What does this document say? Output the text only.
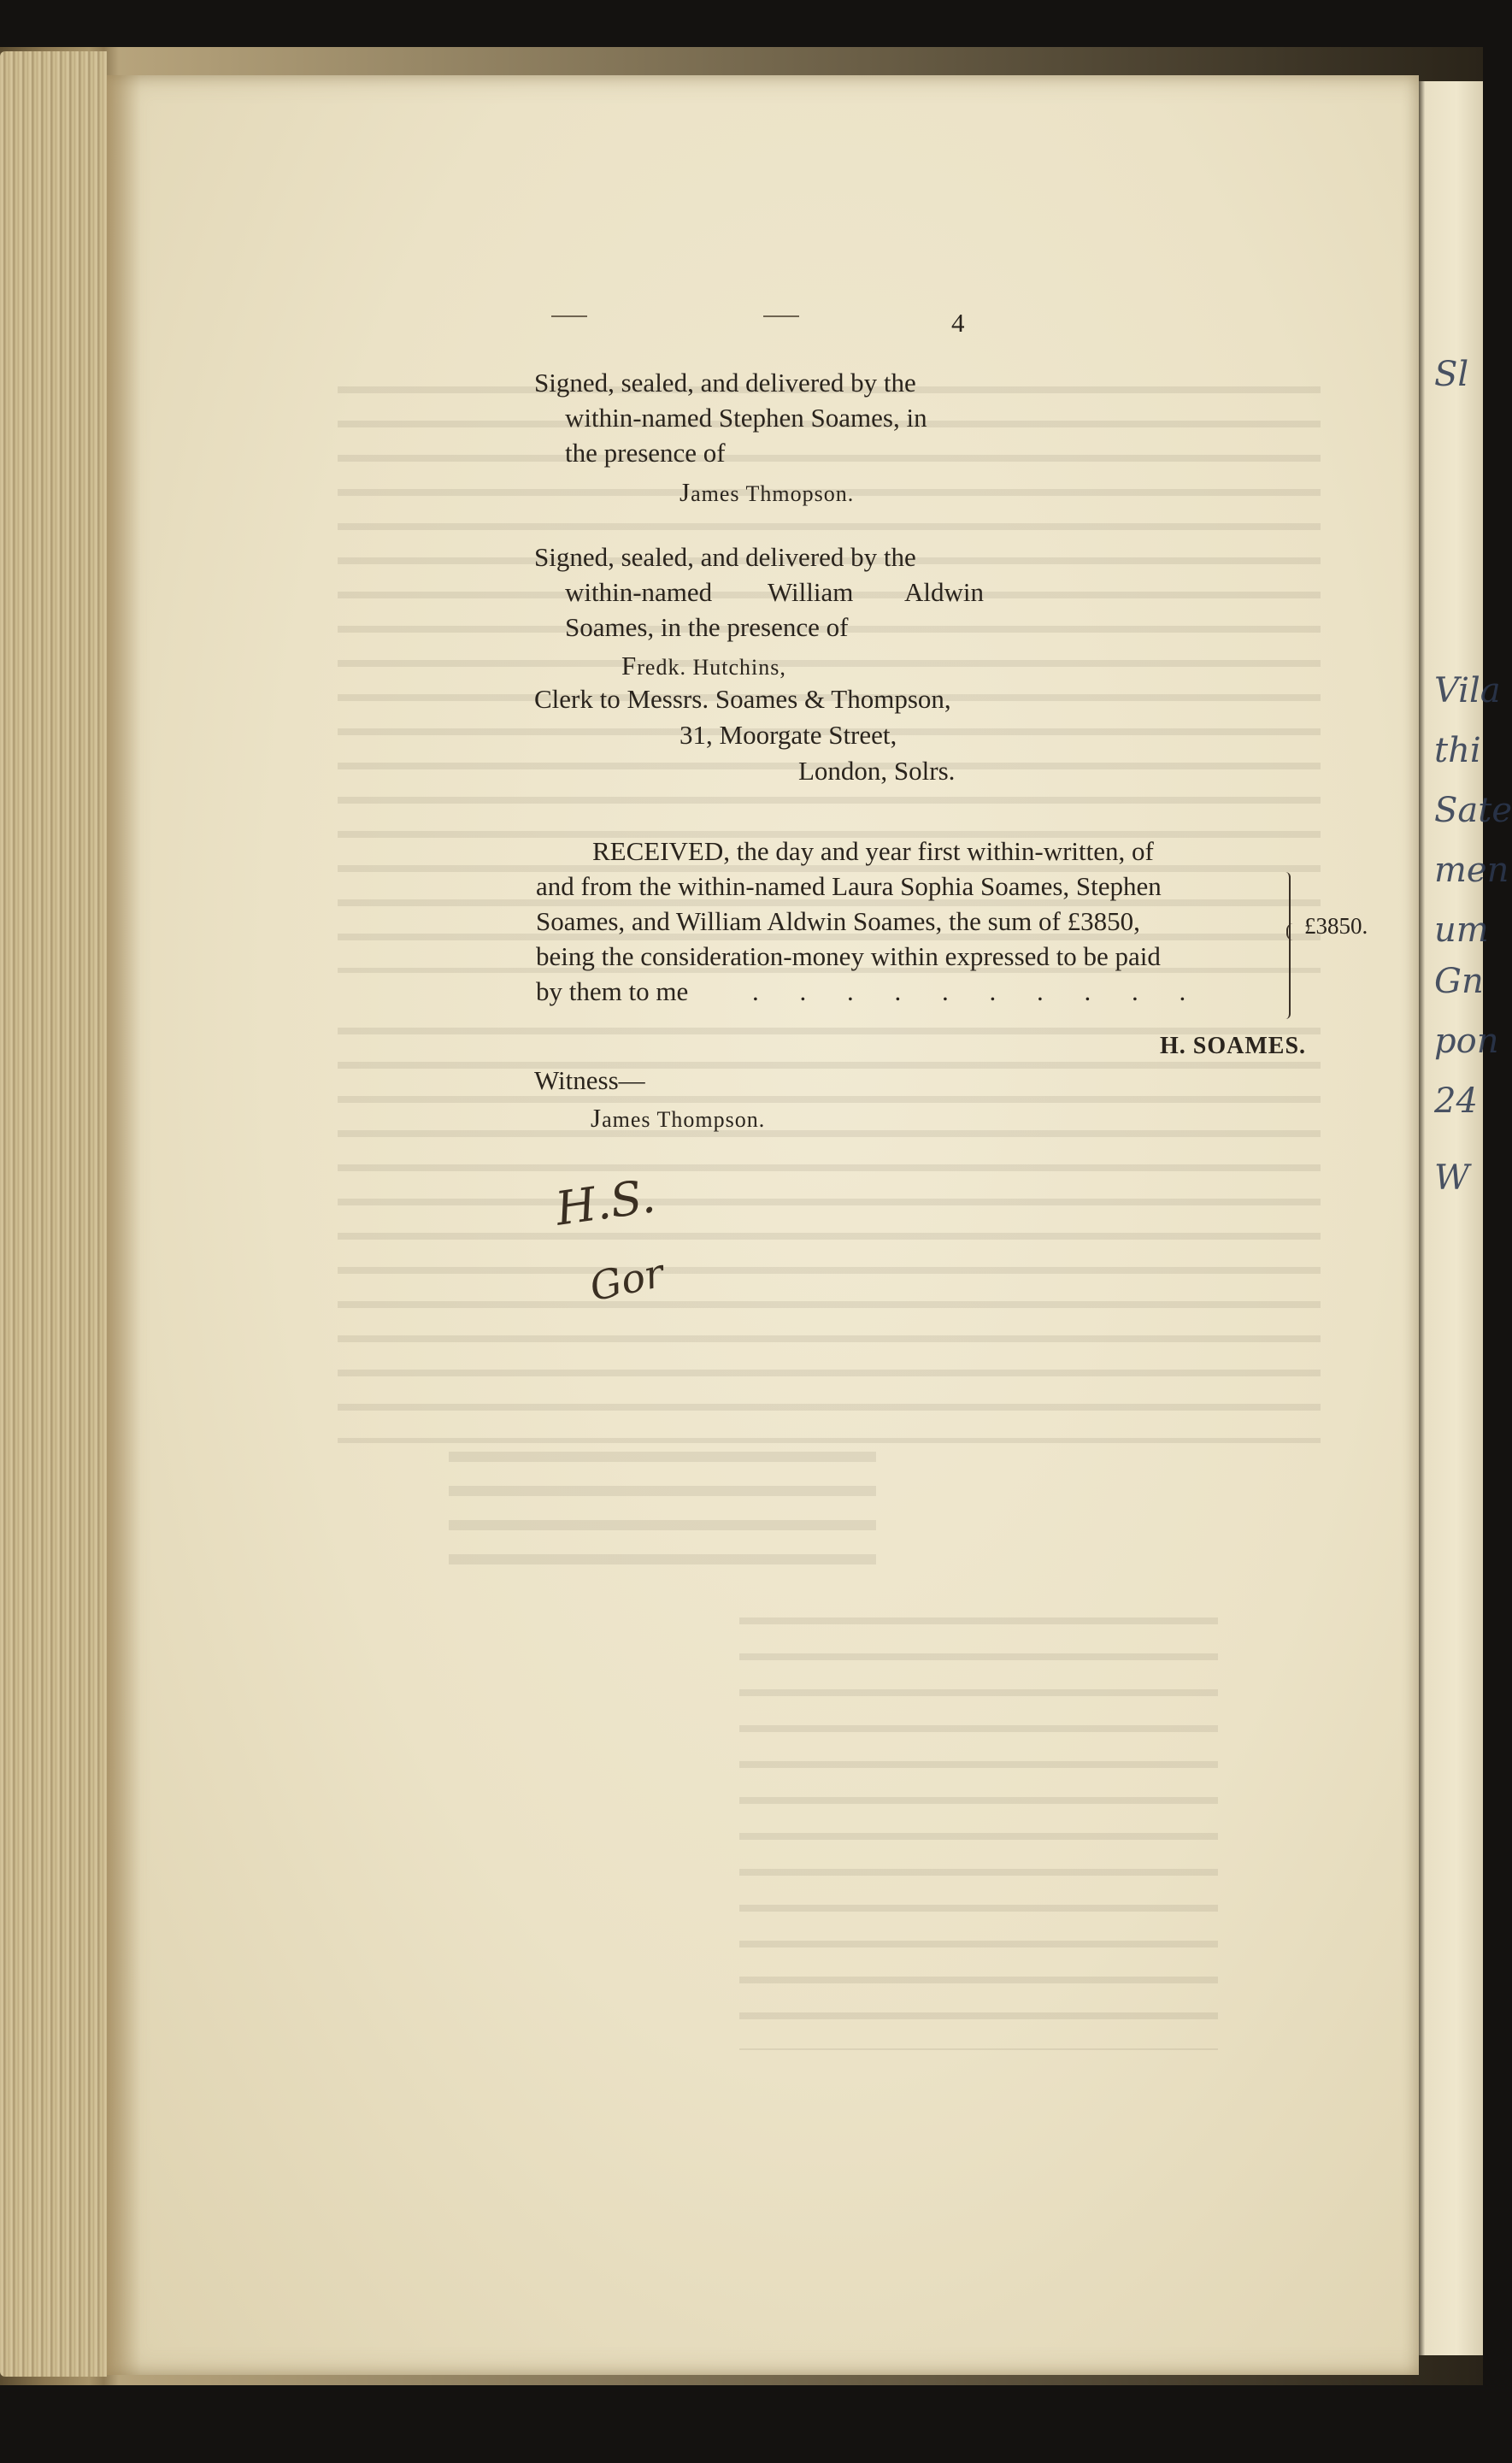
Sl
Vila
thi
Sate
men
um
Gn
pon
24
W
4
Signed, sealed, and delivered by the
within-named Stephen Soames, in
the presence of
James Thmopson.
Signed, sealed, and delivered by the
within-named William Aldwin
Soames, in the presence of
Fredk. Hutchins,
Clerk to Messrs. Soames & Thompson,
31, Moorgate Street,
London, Solrs.
RECEIVED, the day and year first within-written, of
and from the within-named Laura Sophia Soames, Stephen
Soames, and William Aldwin Soames, the sum of £3850,
being the consideration-money within expressed to be paid
by them to me . . . . . . . . . .
£3850.
H. SOAMES.
Witness—
James Thompson.
H.S.
Gor
